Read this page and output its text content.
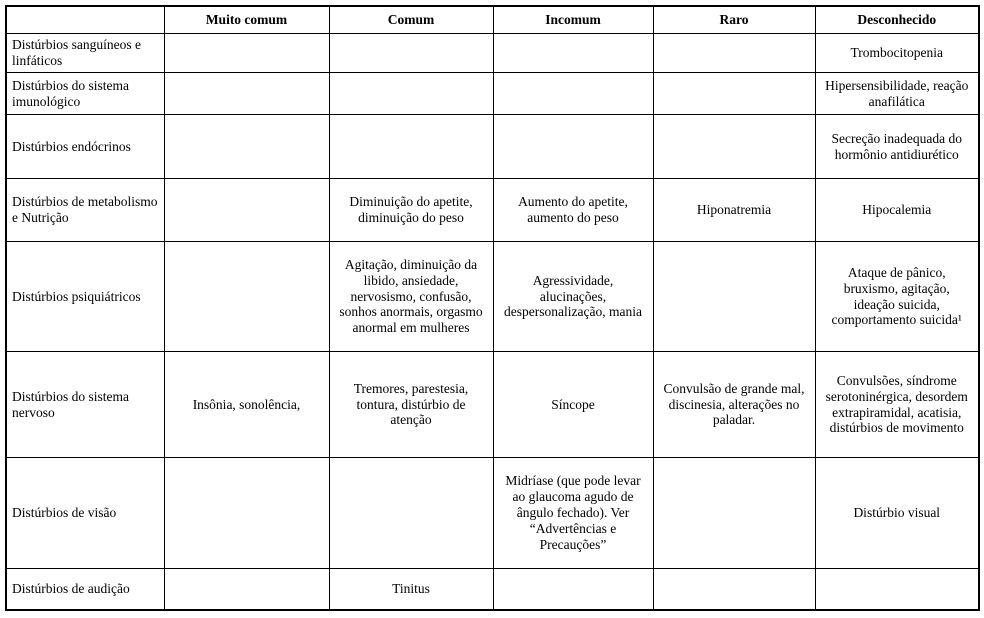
	Muito comum	Comum	Incomum	Raro	Desconhecido
Distúrbios sanguíneos e linfáticos					Trombocitopenia
Distúrbios do sistema imunológico					Hipersensibilidade, reação anafilática
Distúrbios endócrinos					Secreção inadequada do hormônio antidiurético
Distúrbios de metabolismo e Nutrição		Diminuição do apetite, diminuição do peso	Aumento do apetite, aumento do peso	Hiponatremia	Hipocalemia
Distúrbios psiquiátricos		Agitação, diminuição da libido, ansiedade, nervosismo, confusão, sonhos anormais, orgasmo anormal em mulheres	Agressividade, alucinações, despersonalização, mania		Ataque de pânico, bruxismo, agitação, ideação suicida, comportamento suicida¹
Distúrbios do sistema nervoso	Insônia, sonolência,	Tremores, parestesia, tontura, distúrbio de atenção	Síncope	Convulsão de grande mal, discinesia, alterações no paladar.	Convulsões, síndrome serotoninérgica, desordem extrapiramidal, acatisia, distúrbios de movimento
Distúrbios de visão			Midríase (que pode levar ao glaucoma agudo de ângulo fechado). Ver “Advertências e Precauções”		Distúrbio visual
Distúrbios de audição		Tinitus			
